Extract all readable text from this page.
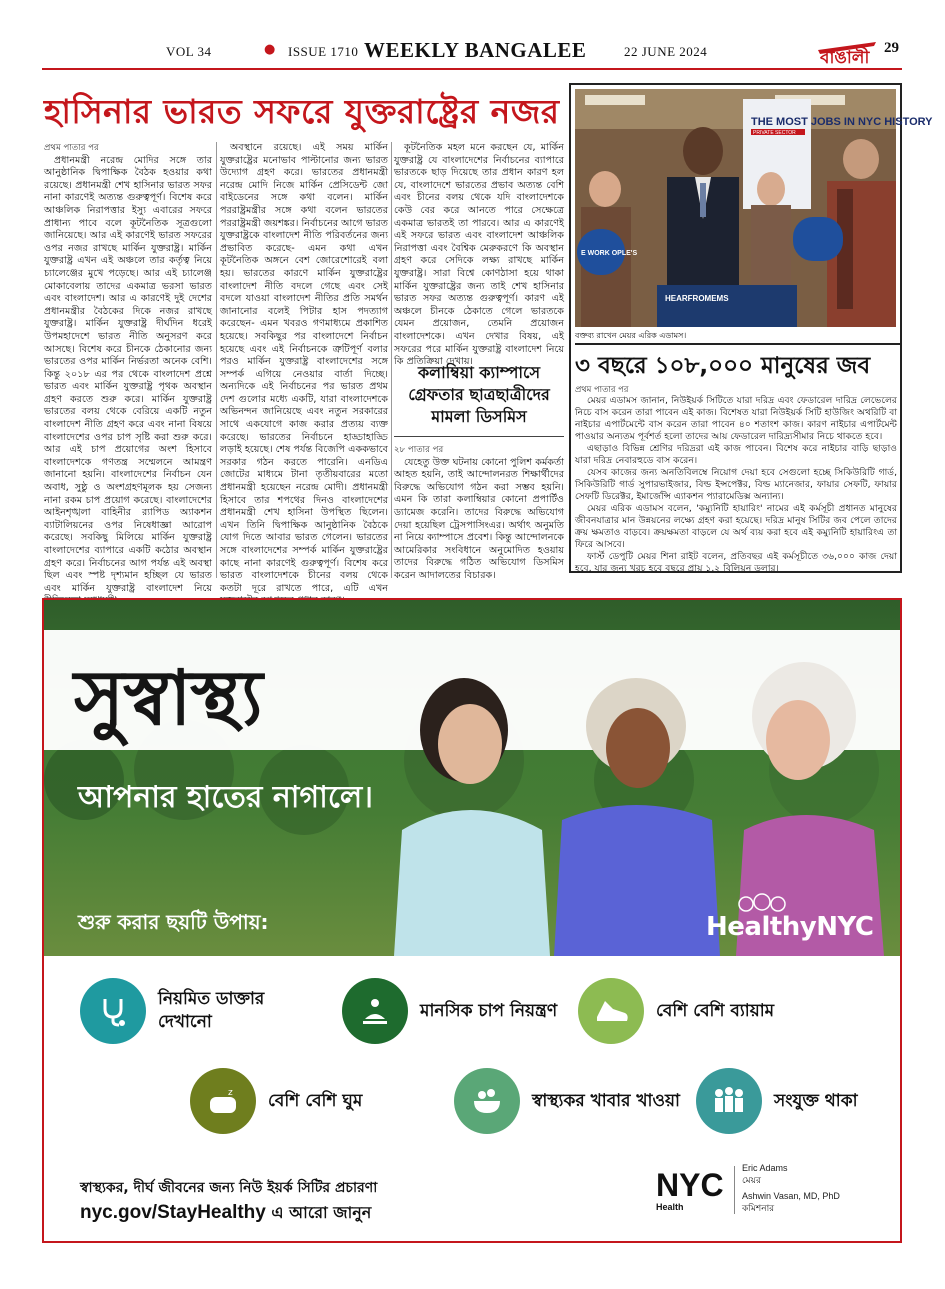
VOL 34	● ISSUE 1710 WEEKLY BANGALEE	22 JUNE 2024	বাঙালী 29
হাসিনার ভারত সফরে যুক্তরাষ্ট্রের নজর

প্রথম পাতার পর

প্রধানমন্ত্রী নরেন্দ্র মোদির সঙ্গে তার আনুষ্ঠানিক দ্বিপাক্ষিক বৈঠক হওয়ার কথা রয়েছে। প্রধানমন্ত্রী শেখ হাসিনার ভারত সফর নানা কারণেই অত্যন্ত গুরুত্বপূর্ণ। বিশেষ করে আঞ্চলিক নিরাপত্তার ইস্যু এবারের সফরে প্রাধান্য পাবে বলে কূটনৈতিক সূত্রগুলো জানিয়েছে। আর এই কারণেই ভারত সফরের ওপর নজর রাখছে মার্কিন যুক্তরাষ্ট্র। মার্কিন যুক্তরাষ্ট্র এখন এই অঞ্চলে তার কর্তৃত্ব নিয়ে চ্যালেঞ্জের মুখে পড়েছে। আর এই চ্যালেঞ্জ মোকাবেলায় তাদের একমাত্র ভরসা ভারত এবং বাংলাদেশ। আর এ কারণেই দুই দেশের প্রধানমন্ত্রীর বৈঠকের দিকে নজর রাখছে যুক্তরাষ্ট্র। মার্কিন যুক্তরাষ্ট্র দীর্ঘদিন ধরেই উপমহাদেশে ভারত নীতি অনুসরণ করে আসছে। বিশেষ করে চীনকে ঠেকানোর জন্য ভারতের ওপর মার্কিন নির্ভরতা অনেক বেশি। কিন্তু ২০১৮ এর পর থেকে বাংলাদেশ প্রশ্নে ভারত এবং মার্কিন যুক্তরাষ্ট্র পৃথক অবস্থান গ্রহণ করতে শুরু করে। মার্কিন যুক্তরাষ্ট্র ভারতের বলয় থেকে বেরিয়ে একটি নতুন বাংলাদেশ নীতি গ্রহণ করে এবং নানা বিষয়ে বাংলাদেশের ওপর চাপ সৃষ্টি করা শুরু করে। আর এই চাপ প্রয়োগের অংশ হিসাবে বাংলাদেশকে গণতন্ত্র সম্মেলনে আমন্ত্রণ জানানো হয়নি। বাংলাদেশের নির্বাচন যেন অবাধ, সুষ্ঠু ও অংশগ্রহণমূলক হয় সেজন্য নানা রকম চাপ প্রয়োগ করেছে। বাংলাদেশের আইনশৃঙ্খলা বাহিনীর র‍্যাপিড অ্যাকশন ব্যাটালিয়নের ওপর নিষেধাজ্ঞা আরোপ করেছে। সবকিছু মিলিয়ে মার্কিন যুক্তরাষ্ট্র বাংলাদেশের ব্যাপারে একটি কঠোর অবস্থান গ্রহণ করে। নির্বাচনের আগ পর্যন্ত এই অবস্থা ছিল এবং স্পষ্ট দৃশ্যমান হচ্ছিল যে ভারত এবং মার্কিন যুক্তরাষ্ট্র বাংলাদেশ নিয়ে

অবস্থানে রয়েছে। এই সময় মার্কিন যুক্তরাষ্ট্রের মনোভাব পাল্টানোর জন্য ভারত উদ্যোগ গ্রহণ করে। ভারতের প্রধানমন্ত্রী নরেন্দ্র মোদি নিজে মার্কিন প্রেসিডেন্ট জো বাইডেনের সঙ্গে কথা বলেন। মার্কিন পররাষ্ট্রমন্ত্রীর সঙ্গে কথা বলেন ভারতের পররাষ্ট্রমন্ত্রী জয়শঙ্কর। নির্বাচনের আগে ভারত যুক্তরাষ্ট্রকে বাংলাদেশ নীতি পরিবর্তনের জন্য প্রভাবিত করেছে- এমন কথা এখন কূটনৈতিক অঙ্গনে বেশ জোরেশোরেই বলা হয়। ভারতের কারণে মার্কিন যুক্তরাষ্ট্রের বাংলাদেশ নীতি বদলে গেছে এবং সেই বদলে যাওয়া বাংলাদেশ নীতির প্রতি সমর্থন জানানোর বলেই পিটার হাস পদত্যাগ করেছেন- এমন খবরও গণমাধ্যমে প্রকাশিত হয়েছে। সবকিছুর পর বাংলাদেশে নির্বাচন হয়েছে এবং এই নির্বাচনকে ত্রুটিপূর্ণ বলার পরও মার্কিন যুক্তরাষ্ট্র বাংলাদেশের সঙ্গে সম্পর্ক এগিয়ে নেওয়ার বার্তা দিচ্ছে। অন্যদিকে এই নির্বাচনের পর ভারত প্রথম দেশ গুলোর মধ্যে একটি, যারা বাংলাদেশকে অভিনন্দন জানিয়েছে এবং নতুন সরকারের সাথে একযোগে কাজ করার প্রত্যয় ব্যক্ত করেছে। ভারতের নির্বাচনে হাড্ডাহাড্ডি লড়াই হয়েছে। শেষ পর্যন্ত বিজেপি এককভাবে সরকার গঠন করতে পারেনি। এনডিএ জোটের মাধ্যমে টানা তৃতীয়বারের মতো প্রধানমন্ত্রী হয়েছেন নরেন্দ্র মোদী। প্রধানমন্ত্রী হিসাবে তার শপথের দিনও বাংলাদেশের প্রধানমন্ত্রী শেখ হাসিনা উপস্থিত ছিলেন। এখন তিনি দ্বিপাক্ষিক আনুষ্ঠানিক বৈঠকে যোগ দিতে আবার ভারত গেলেন। ভারতের সঙ্গে বাংলাদেশের সম্পর্ক মার্কিন যুক্তরাষ্ট্রের কাছে নানা কারণেই গুরুত্বপূর্ণ। বিশেষ করে ভারত বাংলাদেশকে চীনের বলয় থেকে কতটা দূরে রাখতে পারে, এটি এখন

কূটনৈতিক মহল মনে করছেন যে, মার্কিন যুক্তরাষ্ট্র যে বাংলাদেশের নির্বাচনের ব্যাপারে ভারতকে ছাড় দিয়েছে তার প্রধান কারণ হল যে, বাংলাদেশে ভারতের প্রভাব অত্যন্ত বেশি এবং চীনের বলয় থেকে যদি বাংলাদেশকে কেউ বের করে আনতে পারে সেক্ষেত্রে একমাত্র ভারতই তা পারবে। আর এ কারণেই এই সফরে ভারত এবং বাংলাদেশ আঞ্চলিক নিরাপত্তা এবং বৈশ্বিক মেরুকরণে কি অবস্থান গ্রহণ করে সেদিকে লক্ষ্য রাখছে মার্কিন যুক্তরাষ্ট্র। সারা বিশ্বে কোণঠাসা হয়ে থাকা মার্কিন যুক্তরাষ্ট্রের জন্য তাই শেখ হাসিনার ভারত সফর অত্যন্ত গুরুত্বপূর্ণ। কারণ এই অঞ্চলে চীনকে ঠেকাতে গেলে ভারতকে যেমন প্রয়োজন, তেমনি প্রয়োজন বাংলাদেশকে। এখন দেখার বিষয়, এই সফরের পরে মার্কিন যুক্তরাষ্ট্র বাংলাদেশ নিয়ে কি প্রতিক্রিয়া দেখায়।

কলাম্বিয়া ক্যাম্পাসে গ্রেফতার ছাত্রছাত্রীদের মামলা ডিসমিস

২৮ পাতার পর

যেহেতু উক্ত ঘটনায় কোনো পুলিশ কর্মকর্তা আহত হয়নি, তাই আন্দোলনরত শিক্ষার্থীদের বিরুদ্ধে অভিযোগ গঠন করা সম্ভব হয়নি। এমন কি তারা কলাম্বিয়ার কোনো প্রপার্টিও ড্যামেজ করেনি। তাদের বিরুদ্ধে অভিযোগ দেয়া হয়েছিল ট্রেসপাসিংএর। অর্থাৎ অনুমতি না নিয়ে ক্যাম্পাসে প্রবেশ। কিন্তু আন্দোলনকে আমেরিকার সংবিধানে অনুমোদিত হওয়ায় তাদের বিরুদ্ধে গঠিত অভিযোগ ডিসমিস করেন আদালতের বিচারক।

THE MOST JOBS IN NYC HISTORY
PRIVATE SECTOR
E WORK OPLE'S
HEARFROMEMS
বক্তব্য রাখেন মেয়র এরিক এডামস।
৩ বছরে ১০৮,০০০ মানুষের জব

প্রথম পাতার পর

মেয়র এডামস জানান, নিউইয়র্ক সিটিতে যারা দরিদ্র এবং ফেডারেল দারিদ্র লেভেলের নিচে বাস করেন তারা পাবেন এই কাজ। বিশেষত যারা নিউইয়র্ক সিটি হাউজিং অথরিটি বা নাইচার এপার্টমেন্টে বাস করেন তারা পাবেন ৪০ শতাংশ কাজ। কারণ নাইচার এপার্টমেন্ট পাওয়ার অন্যতম পূর্বশর্ত হলো তাদের আয় ফেডারেল দারিদ্র্যসীমার নিচে থাকতে হবে।

এছাড়াও বিভিন্ন শ্রেণির দরিদ্ররা এই কাজ পাবেন। বিশেষ করে নাইচার বাড়ি ছাড়াও যারা দরিদ্র নেবারহুডে বাস করেন।

যেসব কাজের জন্য অনতিবিলম্বে নিয়োগ দেয়া হবে সেগুলো হচ্ছে সিকিউরিটি গার্ড, সিকিউরিটি গার্ড সুপারভাইজার, বিল্ড ইন্সপেক্টর, বিল্ড ম্যানেজার, ফায়ার সেফটি, ফায়ার সেফটি ডিরেক্টর, ইমার্জেন্সি এ্যাকশন প্যারামেডিক্স অন্যান্য।

মেয়র এরিক এডামস বলেন, 'কম্যুনিটি হায়ারিং' নামের এই কর্মসূচী প্রধানত মানুষের জীবনযাত্রার মান উন্নয়নের লক্ষ্যে গ্রহণ করা হয়েছে। দরিদ্র মানুষ সিটির জব পেলে তাদের ক্রয় ক্ষমতাও বাড়বে। ক্রয়ক্ষমতা বাড়লে যে অর্থ ব্যয় করা হবে এই কম্যুনিটি হায়ারিংএ তা ফিরে আসবে।

ফার্স্ট ডেপুটি মেয়র শিনা রাইট বলেন, প্রতিবছর এই কর্মসূচীতে ৩৬,০০০ কাজ দেয়া হবে, যার জন্য খরচ হবে বছরে প্রায় ১.২ বিলিয়ন ডলার।

সুস্বাস্থ্য
আপনার হাতের নাগালে।
শুরু করার ছয়টি উপায়:	HealthyNYC
নিয়মিত ডাক্তার দেখানো
মানসিক চাপ নিয়ন্ত্রণ	বেশি বেশি ব্যায়াম
z বেশি বেশি ঘুম	স্বাস্থ্যকর খাবার খাওয়া	সংযুক্ত থাকা
স্বাস্থ্যকর, দীর্ঘ জীবনের জন্য নিউ ইয়র্ক সিটির প্রচারণা
nyc.gov/StayHealthy এ আরো জানুন
NYC
Health
Eric Adams
মেয়র
Ashwin Vasan, MD, PhD
কমিশনার
